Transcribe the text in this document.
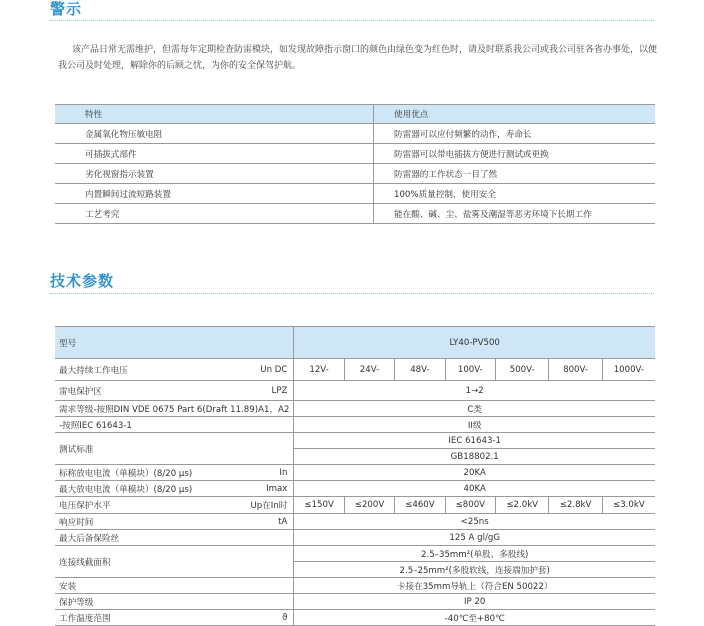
警示
该产品日常无需维护，但需每年定期检查防雷模块，如发现故障指示窗口的颜色由绿色变为红色时，请及时联系我公司或我公司驻各省办事处，以便我公司及时处理，解除你的后顾之忧，为你的安全保驾护航。
特性	使用优点
金属氧化物压敏电阻	防雷器可以应付频繁的动作，寿命长
可插拔式部件	防雷器可以带电插拔方便进行测试或更换
劣化视窗指示装置	防雷器的工作状态一目了然
内置瞬间过流短路装置	100%质量控制，使用安全
工艺考究	能在酸、碱、尘、盐雾及潮湿等恶劣环境下长期工作
技术参数
型号	LY40-PV500						
最大持续工作电压 Un DC	12V-	24V-	48V-	100V-	500V-	800V-	1000V-
雷电保护区 LPZ	1→2						
需求等级-按照DIN VDE 0675 Part 6(Draft 11.89)A1，A2	C类						
-按照IEC 61643-1	II级						
测试标准	IEC 61643-1						
	GB18802.1						
标称放电电流（单模块）(8/20 μs) In	20KA						
最大放电电流（单模块）(8/20 μs) Imax	40KA						
电压保护水平 Up在In时	≤150V	≤200V	≤460V	≤800V	≤2.0kV	≤2.8kV	≤3.0kV
响应时间 tA	<25ns						
最大后备保险丝	125 A gl/gG						
连接线截面积	2.5–35mm²(单股、多股线)						
	2.5–25mm²(多股软线，连接端加护套)						
安装	卡接在35mm导轨上（符合EN 50022）						
保护等级	IP 20						
工作温度范围 ϑ	-40℃至+80℃						
